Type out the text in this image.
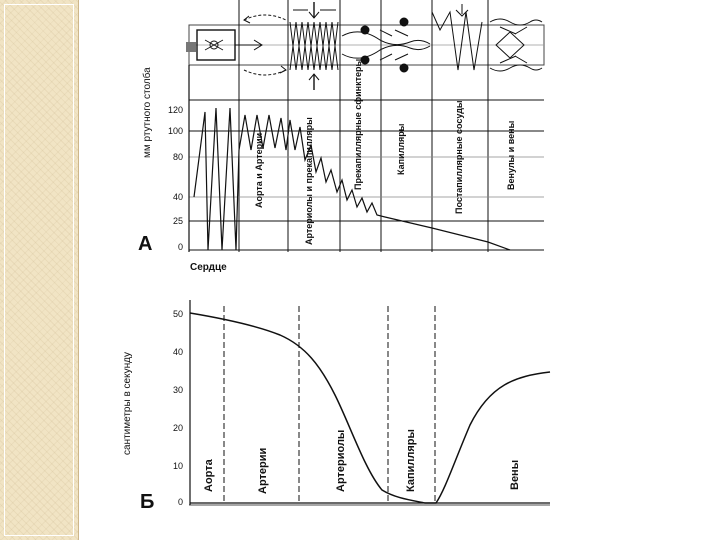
мм ртутного столба 120
100
80
40
25
0
А
Сердце
Аорта и Артерии	Артериолы и прекапилляры	Прекапиллярные сфинктеры	Капилляры	Постапиллярные сосуды	Венулы и вены
50
40
30
20
10
0
сантиметры в секунду
Б
Аорта	Артерии	Артериолы	Капилляры	Вены
